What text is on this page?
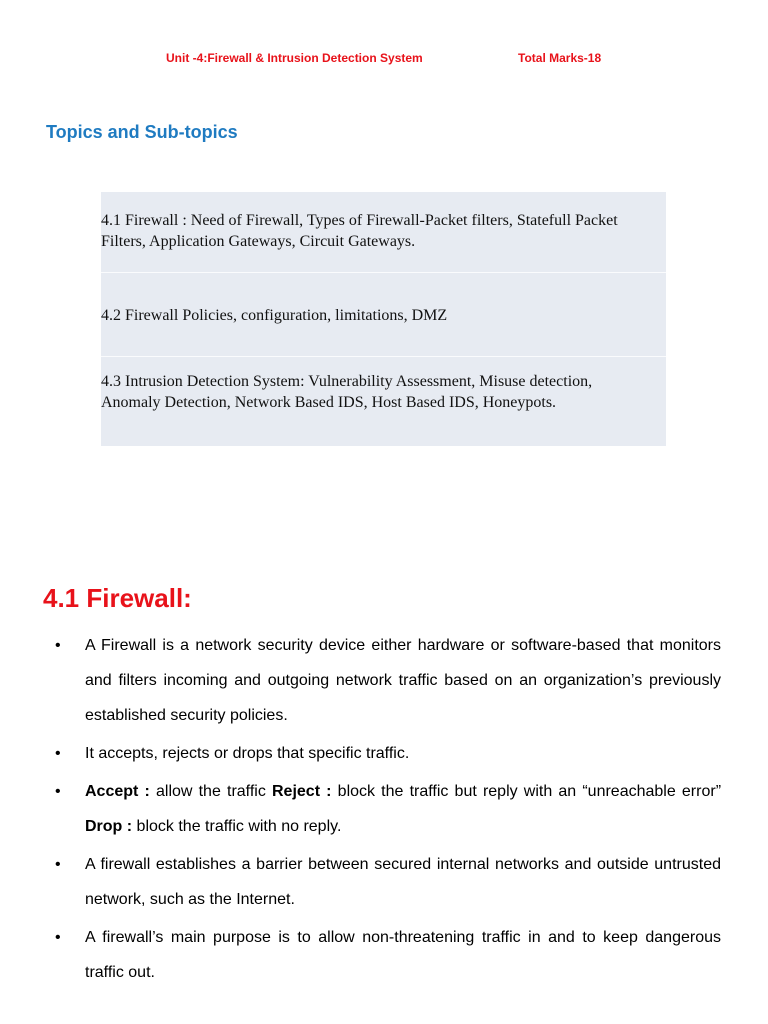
Unit -4:Firewall & Intrusion Detection System	Total Marks-18
Topics and Sub-topics
4.1 Firewall : Need of Firewall, Types of Firewall-Packet filters, Statefull Packet Filters, Application Gateways, Circuit Gateways.
4.2 Firewall Policies, configuration, limitations, DMZ
4.3 Intrusion Detection System: Vulnerability Assessment, Misuse detection, Anomaly Detection, Network Based IDS, Host Based IDS, Honeypots.
4.1 Firewall:
• A Firewall is a network security device either hardware or software-based that monitors and filters incoming and outgoing network traffic based on an organization’s previously established security policies.
• It accepts, rejects or drops that specific traffic.
• Accept : allow the traffic Reject : block the traffic but reply with an “unreachable error” Drop : block the traffic with no reply.
• A firewall establishes a barrier between secured internal networks and outside untrusted network, such as the Internet.
• A firewall’s main purpose is to allow non-threatening traffic in and to keep dangerous traffic out.
